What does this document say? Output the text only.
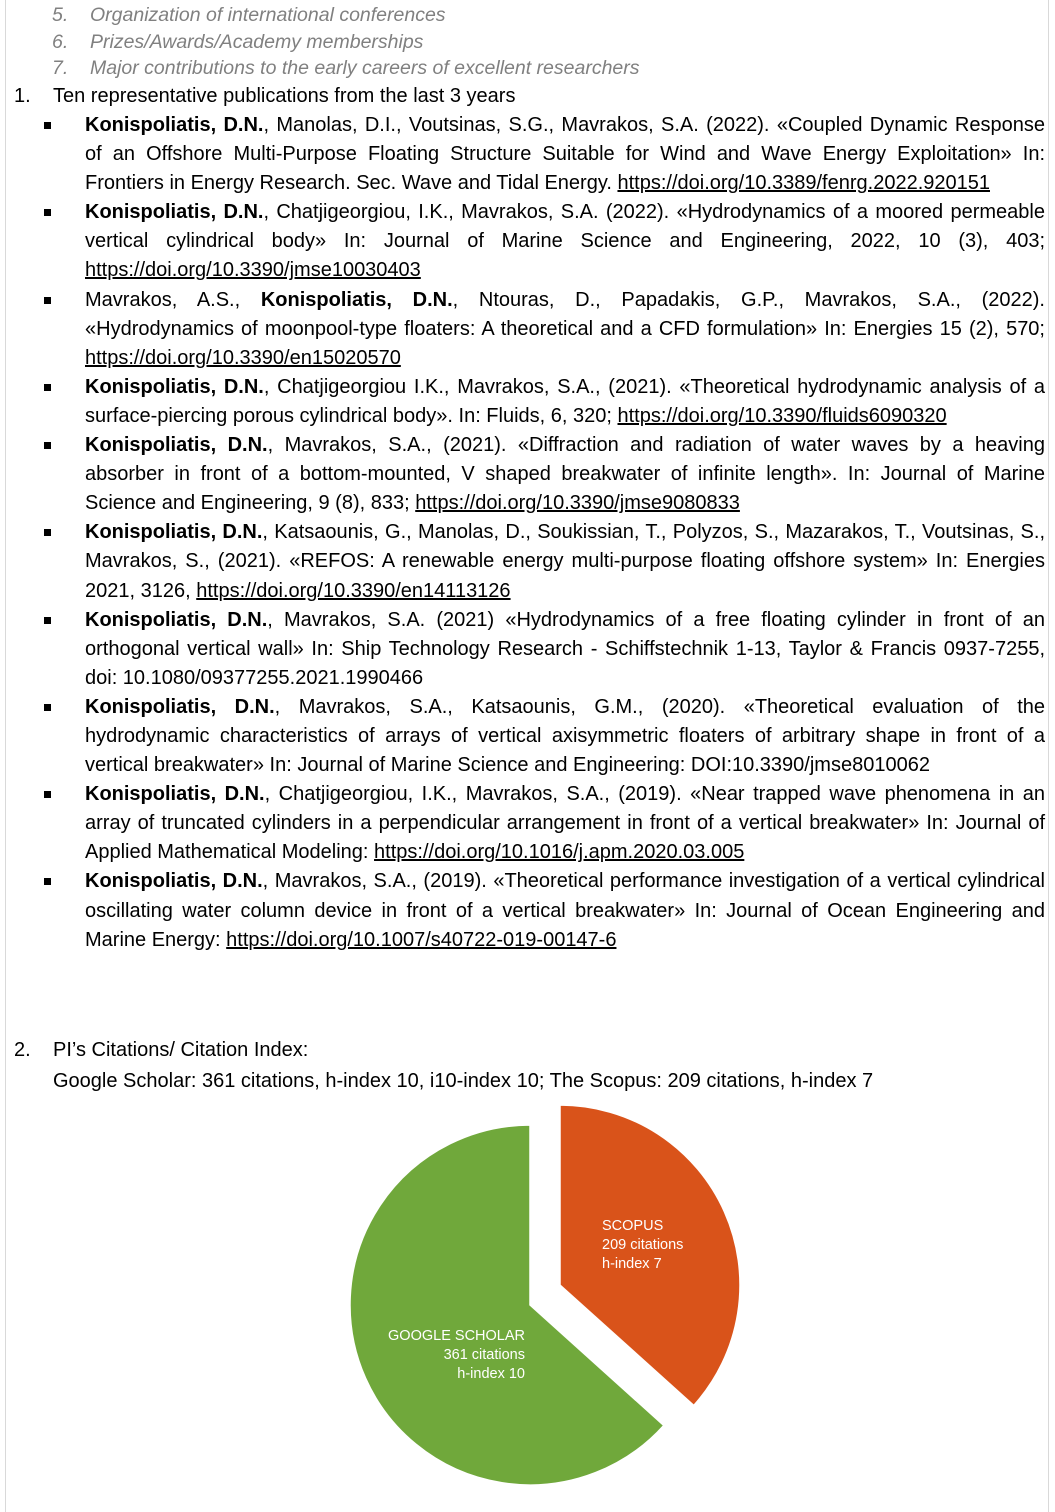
5. Organization of international conferences
6. Prizes/Awards/Academy memberships
7. Major contributions to the early careers of excellent researchers
1. Ten representative publications from the last 3 years
Konispoliatis, D.N., Manolas, D.I., Voutsinas, S.G., Mavrakos, S.A. (2022). «Coupled Dynamic Response of an Offshore Multi-Purpose Floating Structure Suitable for Wind and Wave Energy Exploitation» In: Frontiers in Energy Research. Sec. Wave and Tidal Energy. https://doi.org/10.3389/fenrg.2022.920151
Konispoliatis, D.N., Chatjigeorgiou, I.K., Mavrakos, S.A. (2022). «Hydrodynamics of a moored permeable vertical cylindrical body» In: Journal of Marine Science and Engineering, 2022, 10 (3), 403; https://doi.org/10.3390/jmse10030403
Mavrakos, A.S., Konispoliatis, D.N., Ntouras, D., Papadakis, G.P., Mavrakos, S.A., (2022). «Hydrodynamics of moonpool-type floaters: A theoretical and a CFD formulation» In: Energies 15 (2), 570; https://doi.org/10.3390/en15020570
Konispoliatis, D.N., Chatjigeorgiou I.K., Mavrakos, S.A., (2021). «Theoretical hydrodynamic analysis of a surface-piercing porous cylindrical body». In: Fluids, 6, 320; https://doi.org/10.3390/fluids6090320
Konispoliatis, D.N., Mavrakos, S.A., (2021). «Diffraction and radiation of water waves by a heaving absorber in front of a bottom-mounted, V shaped breakwater of infinite length». In: Journal of Marine Science and Engineering, 9 (8), 833; https://doi.org/10.3390/jmse9080833
Konispoliatis, D.N., Katsaounis, G., Manolas, D., Soukissian, T., Polyzos, S., Mazarakos, T., Voutsinas, S., Mavrakos, S., (2021). «REFOS: A renewable energy multi-purpose floating offshore system» In: Energies 2021, 3126, https://doi.org/10.3390/en14113126
Konispoliatis, D.N., Mavrakos, S.A. (2021) «Hydrodynamics of a free floating cylinder in front of an orthogonal vertical wall» In: Ship Technology Research - Schiffstechnik 1-13, Taylor & Francis 0937-7255, doi: 10.1080/09377255.2021.1990466
Konispoliatis, D.N., Mavrakos, S.A., Katsaounis, G.M., (2020). «Theoretical evaluation of the hydrodynamic characteristics of arrays of vertical axisymmetric floaters of arbitrary shape in front of a vertical breakwater» In: Journal of Marine Science and Engineering: DOI:10.3390/jmse8010062
Konispoliatis, D.N., Chatjigeorgiou, I.K., Mavrakos, S.A., (2019). «Near trapped wave phenomena in an array of truncated cylinders in a perpendicular arrangement in front of a vertical breakwater» In: Journal of Applied Mathematical Modeling: https://doi.org/10.1016/j.apm.2020.03.005
Konispoliatis, D.N., Mavrakos, S.A., (2019). «Theoretical performance investigation of a vertical cylindrical oscillating water column device in front of a vertical breakwater» In: Journal of Ocean Engineering and Marine Energy: https://doi.org/10.1007/s40722-019-00147-6
2. PI’s Citations/ Citation Index:
Google Scholar: 361 citations, h-index 10, i10-index 10; The Scopus: 209 citations, h-index 7
SCOPUS
209 citations
h-index 7
GOOGLE SCHOLAR
361 citations
h-index 10
